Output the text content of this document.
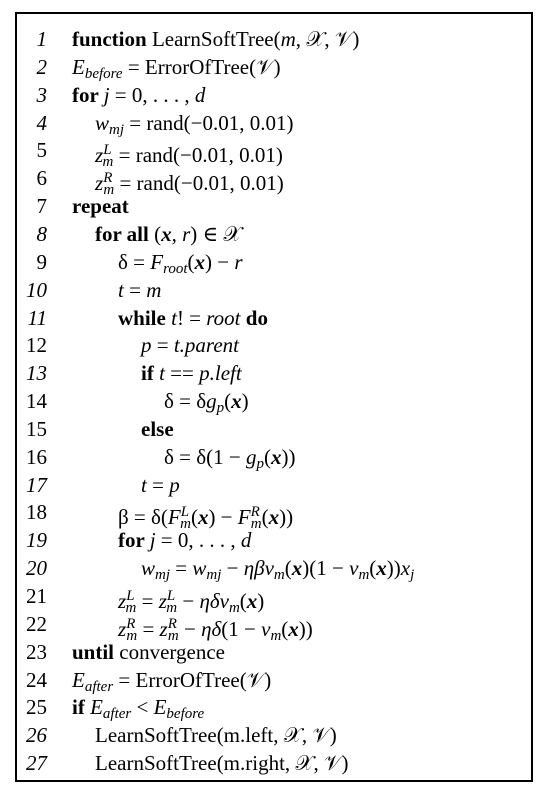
1 function LearnSoftTree(m, 𝒳, 𝒱)
2 $E_{before}$ = ErrorOfTree(𝒱)
3 for j = 0, . . . , d
4 $w_{mj}$ = rand(−0.01, 0.01)
5 $z^L_m$ = rand(−0.01, 0.01)
6 $z^R_m$ = rand(−0.01, 0.01)
7 repeat
8 for all (x, r) ∈ 𝒳
9	$\delta = F_{root}(x) - r$
10	t = m
11	while t! = root do
12	p = t.parent
13	if t == p.left
14	$\delta = \delta g_p(x)$
15	else
16	$\delta = \delta(1 - g_p(x))$
17	t = p
18	$\beta = \delta(F^L_m(x) - F^R_m(x))$
19	for j = 0, . . . , d
20	$w_{mj} = w_{mj} - \eta\beta v_m(x)(1 - v_m(x))x_j$
21	$z^L_m = z^L_m - \eta\delta v_m(x)$
22	$z^R_m = z^R_m - \eta\delta(1 - v_m(x))$
23 until convergence
24 $E_{after}$ = ErrorOfTree(𝒱)
25 if $E_{after} < E_{before}$
26 LearnSoftTree(m.left, 𝒳, 𝒱)
27 LearnSoftTree(m.right, 𝒳, 𝒱)
